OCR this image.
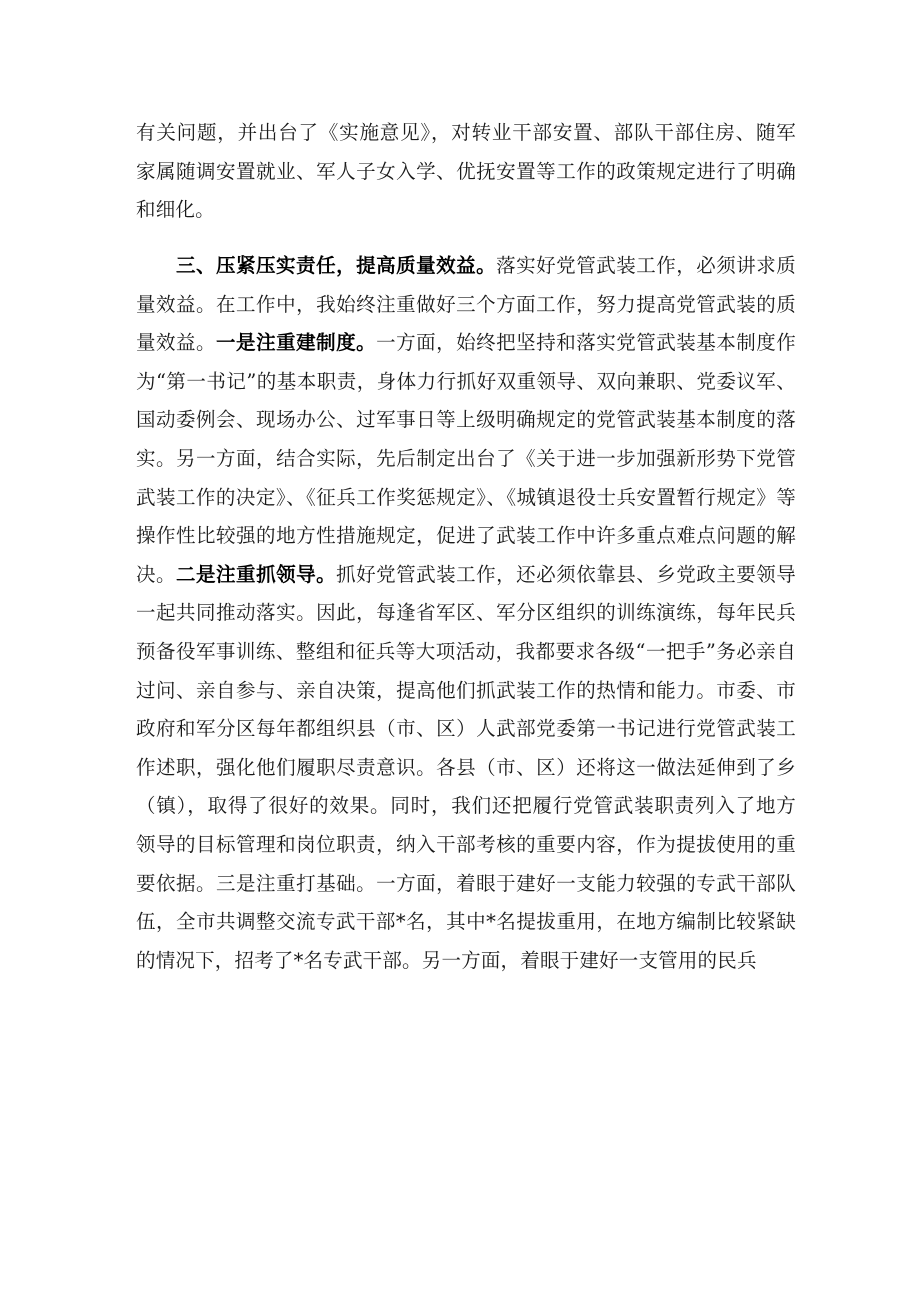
有关问题，并出台了《实施意见》，对转业干部安置、部队干部住房、随军家属随调安置就业、军人子女入学、优抚安置等工作的政策规定进行了明确和细化。

三、压紧压实责任，提高质量效益。落实好党管武装工作，必须讲求质量效益。在工作中，我始终注重做好三个方面工作，努力提高党管武装的质量效益。一是注重建制度。一方面，始终把坚持和落实党管武装基本制度作为“第一书记”的基本职责，身体力行抓好双重领导、双向兼职、党委议军、国动委例会、现场办公、过军事日等上级明确规定的党管武装基本制度的落实。另一方面，结合实际，先后制定出台了《关于进一步加强新形势下党管武装工作的决定》、《征兵工作奖惩规定》、《城镇退役士兵安置暂行规定》等操作性比较强的地方性措施规定，促进了武装工作中许多重点难点问题的解决。二是注重抓领导。抓好党管武装工作，还必须依靠县、乡党政主要领导一起共同推动落实。因此，每逢省军区、军分区组织的训练演练，每年民兵预备役军事训练、整组和征兵等大项活动，我都要求各级“一把手”务必亲自过问、亲自参与、亲自决策，提高他们抓武装工作的热情和能力。市委、市政府和军分区每年都组织县（市、区）人武部党委第一书记进行党管武装工作述职，强化他们履职尽责意识。各县（市、区）还将这一做法延伸到了乡（镇），取得了很好的效果。同时，我们还把履行党管武装职责列入了地方领导的目标管理和岗位职责，纳入干部考核的重要内容，作为提拔使用的重要依据。三是注重打基础。一方面，着眼于建好一支能力较强的专武干部队伍，全市共调整交流专武干部*名，其中*名提拔重用，在地方编制比较紧缺的情况下，招考了*名专武干部。另一方面，着眼于建好一支管用的民兵
